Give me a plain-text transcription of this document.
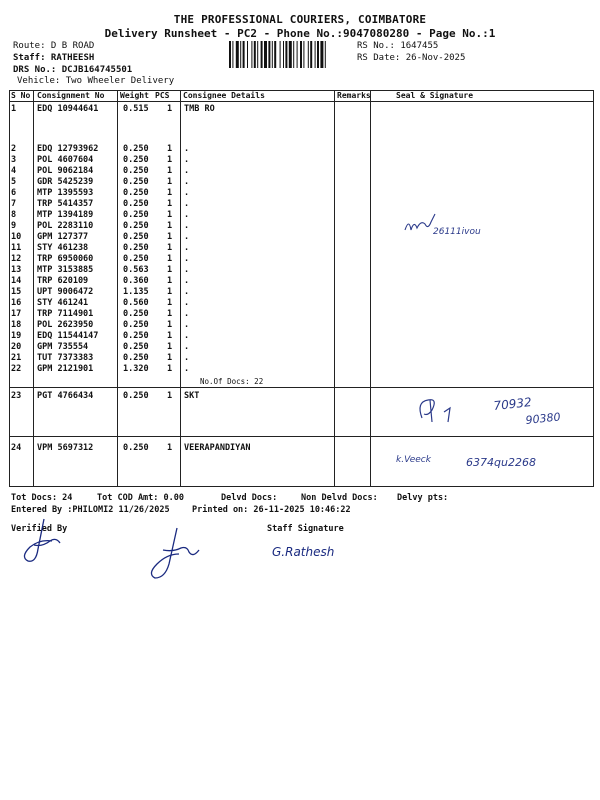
THE PROFESSIONAL COURIERS, COIMBATORE
Delivery Runsheet - PC2 - Phone No.:9047080280 - Page No.:1
Route: D B ROAD
Staff: RATHEESH
DRS No.: DCJB164745501
Vehicle: Two Wheeler Delivery
RS No.: 1647455
RS Date: 26-Nov-2025
S No Consignment No Weight PCS Consignee Details	Remarks	Seal & Signature
1 EDQ 10944641	0.515 1 TMB RO
2 EDQ 12793962	0.250 1 .
3 POL 4607604	0.250 1 .
4 POL 9062184	0.250 1 .
5 GDR 5425239	0.250 1 .
6 MTP 1395593	0.250 1 .
7 TRP 5414357	0.250 1 .
8 MTP 1394189	0.250 1 .
9 POL 2283110	0.250 1 .
10 GPM 127377	0.250 1 .
11 STY 461238	0.250 1 .
12 TRP 6950060	0.250 1 .
13 MTP 3153885	0.563 1 .
14 TRP 620109	0.360 1 .
15 UPT 9006472	1.135 1 .
16 STY 461241	0.560 1 .
17 TRP 7114901	0.250 1 .
18 POL 2623950	0.250 1 .
19 EDQ 11544147	0.250 1 .
20 GPM 735554	0.250 1 .
21 TUT 7373383	0.250 1 .
22 GPM 2121901	1.320 1 .
23 PGT 4766434	0.250 1 SKT
24 VPM 5697312	0.250 1 VEERAPANDIYAN
No.Of Docs: 22
26111ivou
70932
90380
k.Veeck	6374qu2268
Tot Docs: 24	Tot COD Amt: 0.00	Delvd Docs:	Non Delvd Docs: Delvy pts:
Entered By :PHILOMI2 11/26/2025	Printed on: 26-11-2025 10:46:22
Verified By	Staff Signature
G.Rathesh
